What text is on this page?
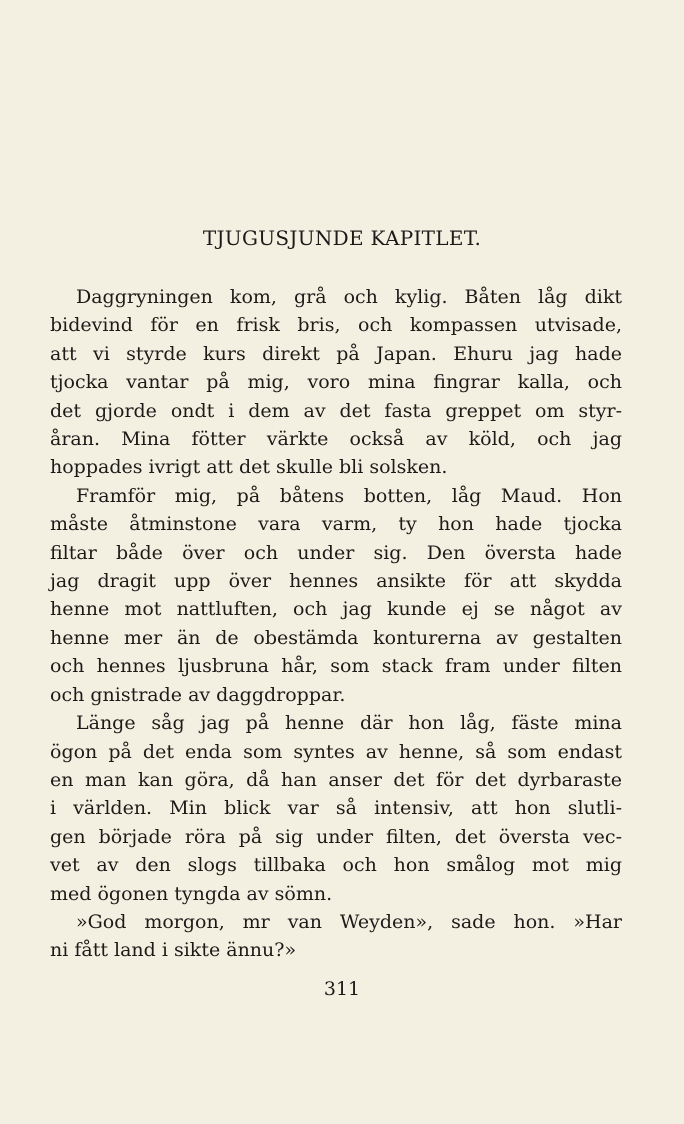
TJUGUSJUNDE KAPITLET.

Daggryningen kom, grå och kylig. Båten låg dikt
bidevind för en frisk bris, och kompassen utvisade,
att vi styrde kurs direkt på Japan. Ehuru jag hade
tjocka vantar på mig, voro mina fingrar kalla, och
det gjorde ondt i dem av det fasta greppet om styr-
åran. Mina fötter värkte också av köld, och jag
hoppades ivrigt att det skulle bli solsken.

Framför mig, på båtens botten, låg Maud. Hon
måste åtminstone vara varm, ty hon hade tjocka
filtar både över och under sig. Den översta hade
jag dragit upp över hennes ansikte för att skydda
henne mot nattluften, och jag kunde ej se något av
henne mer än de obestämda konturerna av gestalten
och hennes ljusbruna hår, som stack fram under filten
och gnistrade av daggdroppar.

Länge såg jag på henne där hon låg, fäste mina
ögon på det enda som syntes av henne, så som endast
en man kan göra, då han anser det för det dyrbaraste
i världen. Min blick var så intensiv, att hon slutli-
gen började röra på sig under filten, det översta vec-
vet av den slogs tillbaka och hon smålog mot mig
med ögonen tyngda av sömn.

»God morgon, mr van Weyden», sade hon. »Har
ni fått land i sikte ännu?»

311
